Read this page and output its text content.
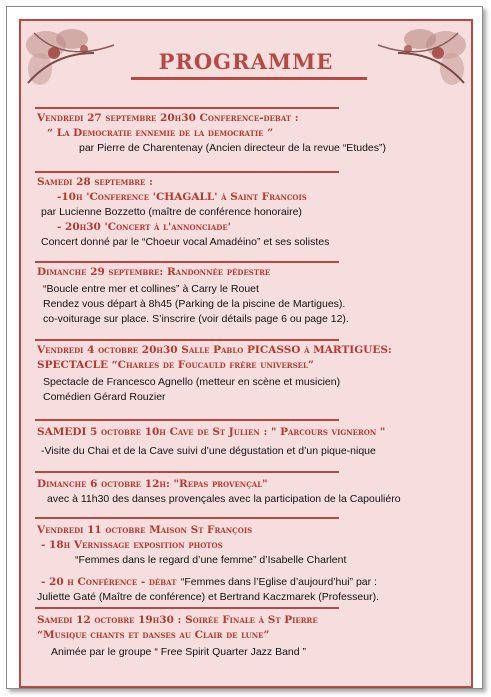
PROGRAMME
Vendredi 27 septembre 20h30 Conference-debat :
“ La Democratie ennemie de la democratie ”
par Pierre de Charentenay (Ancien directeur de la revue “Etudes”)
Samedi 28 septembre :
-10h 'Conference 'CHAGALL' à Saint Francois
par Lucienne Bozzetto (maître de conférence honoraire)
- 20h30 'Concert à l'annonciade'
Concert donné par le “Choeur vocal Amadéino” et ses solistes
Dimanche 29 septembre: Randonnée pédestre
“Boucle entre mer et collines” à Carry le Rouet
Rendez vous départ à 8h45 (Parking de la piscine de Martigues).
co-voiturage sur place. S’inscrire (voir détails page 6 ou page 12).
Vendredi 4 octobre 20h30 Salle Pablo PICASSO à MARTIGUES:
SPECTACLE “Charles de Foucauld frère universel”
Spectacle de Francesco Agnello (metteur en scène et musicien)
Comédien Gérard Rouzier
SAMEDI 5 octobre 10h Cave de St Julien : " Parcours vigneron "
-Visite du Chai et de la Cave suivi d’une dégustation et d’un pique-nique
Dimanche 6 octobre 12h: "Repas provençal"
avec à 11h30 des danses provençales avec la participation de la Capouliéro
Vendredi 11 octobre Maison St François
- 18h Vernissage exposition photos
“Femmes dans le regard d’une femme” d’Isabelle Charlent
- 20 h Conférence - débat “Femmes dans l’Eglise d’aujourd’hui” par :
Juliette Gaté (Maître de conférence) et Bertrand Kaczmarek (Professeur).
Samedi 12 octobre 19h30 : Soirée Finale à St Pierre
“Musique chants et danses au Clair de lune”
Animée par le groupe “ Free Spirit Quarter Jazz Band ”
